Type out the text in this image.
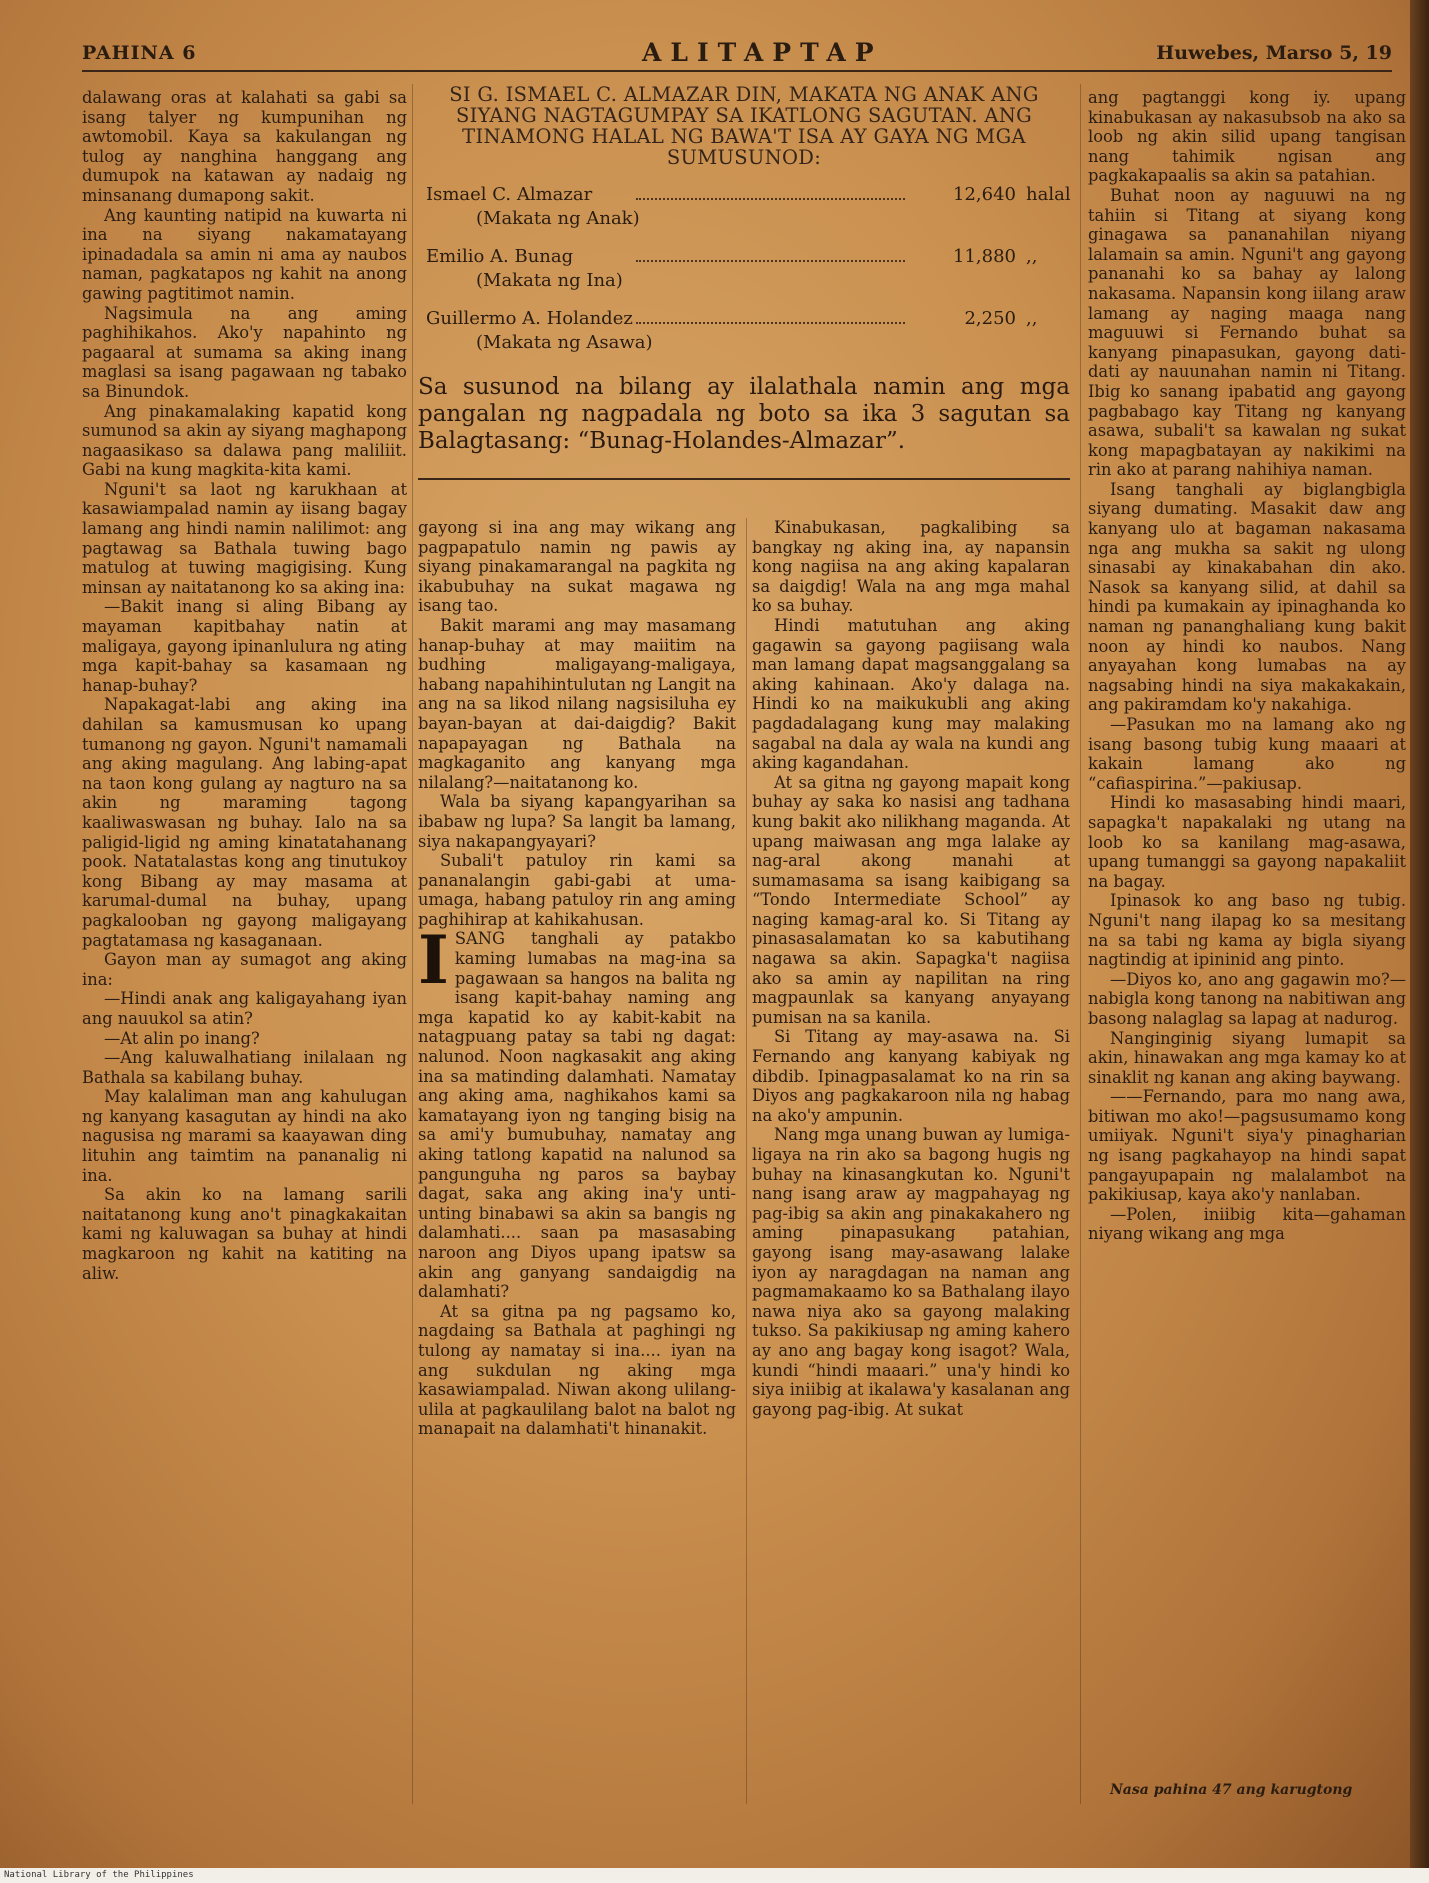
PAHINA 6	ALITAPTAP	Huwebes, Marso 5, 19

dalawang oras at kalahati sa gabi sa isang talyer ng kumpunihan ng awtomobil. Kaya sa kakulangan ng tulog ay nanghina hanggang ang dumupok na katawan ay nadaig ng minsanang dumapong sakit.

Ang kaunting natipid na kuwarta ni ina na siyang nakamatayang ipinadadala sa amin ni ama ay naubos naman, pagkatapos ng kahit na anong gawing pagtitimot namin.

Nagsimula na ang aming paghihikahos. Ako'y napahinto ng pagaaral at sumama sa aking inang maglasi sa isang pagawaan ng tabako sa Binundok.

Ang pinakamalaking kapatid kong sumunod sa akin ay siyang maghapong nagaasikaso sa dalawa pang maliliit. Gabi na kung magkita-kita kami.

Nguni't sa laot ng karukhaan at kasawiampalad namin ay iisang bagay lamang ang hindi namin nalilimot: ang pagtawag sa Bathala tuwing bago matulog at tuwing magigising. Kung minsan ay naitatanong ko sa aking ina:

—Bakit inang si aling Bibang ay mayaman kapitbahay natin at maligaya, gayong ipinanlulura ng ating mga kapit-bahay sa kasamaan ng hanap-buhay?

Napakagat-labi ang aking ina dahilan sa kamusmusan ko upang tumanong ng gayon. Nguni't namamali ang aking magulang. Ang labing-apat na taon kong gulang ay nagturo na sa akin ng maraming tagong kaaliwaswasan ng buhay. Ialo na sa paligid-ligid ng aming kinatatahanang pook. Natatalastas kong ang tinutukoy kong Bibang ay may masama at karumal-dumal na buhay, upang pagkalooban ng gayong maligayang pagtatamasa ng kasaganaan.

Gayon man ay sumagot ang aking ina:

—Hindi anak ang kaligayahang iyan ang nauukol sa atin?

—At alin po inang?

—Ang kaluwalhatiang inilalaan ng Bathala sa kabilang buhay.

May kalaliman man ang kahulugan ng kanyang kasagutan ay hindi na ako nagusisa ng marami sa kaayawan ding lituhin ang taimtim na pananalig ni ina.

Sa akin ko na lamang sarili naitatanong kung ano't pinagkakaitan kami ng kaluwagan sa buhay at hindi magkaroon ng kahit na katiting na aliw.

SI G. ISMAEL C. ALMAZAR DIN, MAKATA NG ANAK ANG SIYANG NAGTAGUMPAY SA IKATLONG SAGUTAN. ANG TINAMONG HALAL NG BAWA'T ISA AY GAYA NG MGA SUMUSUNOD:
Ismael C. Almazar	12,640 halal
(Makata ng Anak)
Emilio A. Bunag	11,880 ,,
(Makata ng Ina)
Guillermo A. Holandez	2,250 ,,
(Makata ng Asawa)
Sa susunod na bilang ay ilalathala namin ang mga pangalan ng nagpadala ng boto sa ika 3 sagutan sa Balagtasang: “Bunag-Holandes-Almazar”.

gayong si ina ang may wikang ang pagpapatulo namin ng pawis ay siyang pinakamarangal na pagkita ng ikabubuhay na sukat magawa ng isang tao.

Bakit marami ang may masamang hanap-buhay at may maiitim na budhing maligayang-maligaya, habang napahihintulutan ng Langit na ang na sa likod nilang nagsisiluha ey bayan-bayan at dai-daigdig? Bakit napapayagan ng Bathala na magkaganito ang kanyang mga nilalang?—naitatanong ko.

Wala ba siyang kapangyarihan sa ibabaw ng lupa? Sa langit ba lamang, siya nakapangyayari?

Subali't patuloy rin kami sa pananalangin gabi-gabi at uma-umaga, habang patuloy rin ang aming paghihirap at kahikahusan.

ISANG tanghali ay patakbo kaming lumabas na mag-ina sa pagawaan sa hangos na balita ng isang kapit-bahay naming ang mga kapatid ko ay kabit-kabit na natagpuang patay sa tabi ng dagat: nalunod. Noon nagkasakit ang aking ina sa matinding dalamhati. Namatay ang aking ama, naghikahos kami sa kamatayang iyon ng tanging bisig na sa ami'y bumubuhay, namatay ang aking tatlong kapatid na nalunod sa pangunguha ng paros sa baybay dagat, saka ang aking ina'y unti-unting binabawi sa akin sa bangis ng dalamhati.... saan pa masasabing naroon ang Diyos upang ipatsw sa akin ang ganyang sandaigdig na dalamhati?

At sa gitna pa ng pagsamo ko, nagdaing sa Bathala at paghingi ng tulong ay namatay si ina.... iyan na ang sukdulan ng aking mga kasawiampalad. Niwan akong ulilang-ulila at pagkaulilang balot na balot ng manapait na dalamhati't hinanakit.

Kinabukasan, pagkalibing sa bangkay ng aking ina, ay napansin kong nagiisa na ang aking kapalaran sa daigdig! Wala na ang mga mahal ko sa buhay.

Hindi matutuhan ang aking gagawin sa gayong pagiisang wala man lamang dapat magsanggalang sa aking kahinaan. Ako'y dalaga na. Hindi ko na maikukubli ang aking pagdadalagang kung may malaking sagabal na dala ay wala na kundi ang aking kagandahan.

At sa gitna ng gayong mapait kong buhay ay saka ko nasisi ang tadhana kung bakit ako nilikhang maganda. At upang maiwasan ang mga lalake ay nag-aral akong manahi at sumamasama sa isang kaibigang sa “Tondo Intermediate School” ay naging kamag-aral ko. Si Titang ay pinasasalamatan ko sa kabutihang nagawa sa akin. Sapagka't nagiisa ako sa amin ay napilitan na ring magpaunlak sa kanyang anyayang pumisan na sa kanila.

Si Titang ay may-asawa na. Si Fernando ang kanyang kabiyak ng dibdib. Ipinagpasalamat ko na rin sa Diyos ang pagkakaroon nila ng habag na ako'y ampunin.

Nang mga unang buwan ay lumiga-ligaya na rin ako sa bagong hugis ng buhay na kinasangkutan ko. Nguni't nang isang araw ay magpahayag ng pag-ibig sa akin ang pinakakahero ng aming pinapasukang patahian, gayong isang may-asawang lalake iyon ay naragdagan na naman ang pagmamakaamo ko sa Bathalang ilayo nawa niya ako sa gayong malaking tukso. Sa pakikiusap ng aming kahero ay ano ang bagay kong isagot? Wala, kundi “hindi maaari.” una'y hindi ko siya iniibig at ikalawa'y kasalanan ang gayong pag-ibig. At sukat

ang pagtanggi kong iy. upang kinabukasan ay nakasubsob na ako sa loob ng akin silid upang tangisan nang tahimik ngisan ang pagkakapaalis sa akin sa patahian.

Buhat noon ay naguuwi na ng tahiin si Titang at siyang kong ginagawa sa pananahilan niyang lalamain sa amin. Nguni't ang gayong pananahi ko sa bahay ay lalong nakasama. Napansin kong iilang araw lamang ay naging maaga nang maguuwi si Fernando buhat sa kanyang pinapasukan, gayong dati-dati ay nauunahan namin ni Titang. Ibig ko sanang ipabatid ang gayong pagbabago kay Titang ng kanyang asawa, subali't sa kawalan ng sukat kong mapagbatayan ay nakikimi na rin ako at parang nahihiya naman.

Isang tanghali ay biglangbigla siyang dumating. Masakit daw ang kanyang ulo at bagaman nakasama nga ang mukha sa sakit ng ulong sinasabi ay kinakabahan din ako. Nasok sa kanyang silid, at dahil sa hindi pa kumakain ay ipinaghanda ko naman ng pananghaliang kung bakit noon ay hindi ko naubos. Nang anyayahan kong lumabas na ay nagsabing hindi na siya makakakain, ang pakiramdam ko'y nakahiga.

—Pasukan mo na lamang ako ng isang basong tubig kung maaari at kakain lamang ako ng “cafiaspirina.”—pakiusap.

Hindi ko masasabing hindi maari, sapagka't napakalaki ng utang na loob ko sa kanilang mag-asawa, upang tumanggi sa gayong napakaliit na bagay.

Ipinasok ko ang baso ng tubig. Nguni't nang ilapag ko sa mesitang na sa tabi ng kama ay bigla siyang nagtindig at ipininid ang pinto.

—Diyos ko, ano ang gagawin mo?—nabigla kong tanong na nabitiwan ang basong nalaglag sa lapag at nadurog.

Nanginginig siyang lumapit sa akin, hinawakan ang mga kamay ko at sinaklit ng kanan ang aking baywang.

——Fernando, para mo nang awa, bitiwan mo ako!—pagsusumamo kong umiiyak. Nguni't siya'y pinagharian ng isang pagkahayop na hindi sapat pangayupapain ng malalambot na pakikiusap, kaya ako'y nanlaban.

—Polen, iniibig kita—gahaman niyang wikang ang mga

Nasa pahina 47 ang karugtong
National Library of the Philippines
